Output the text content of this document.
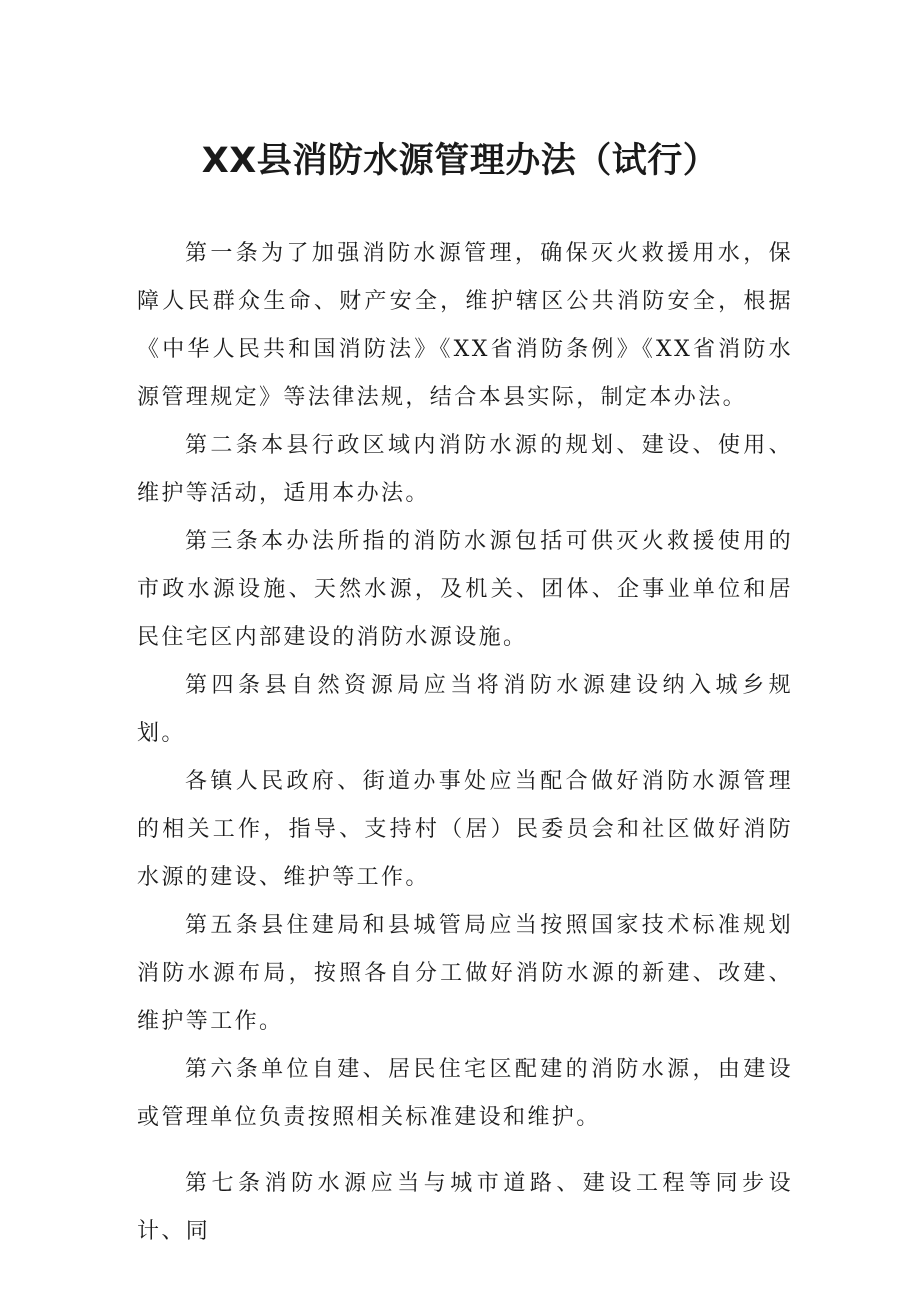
XX县消防水源管理办法（试行）

第一条为了加强消防水源管理，确保灭火救援用水，保障人民群众生命、财产安全，维护辖区公共消防安全，根据《中华人民共和国消防法》《XX省消防条例》《XX省消防水源管理规定》等法律法规，结合本县实际，制定本办法。

第二条本县行政区域内消防水源的规划、建设、使用、维护等活动，适用本办法。

第三条本办法所指的消防水源包括可供灭火救援使用的市政水源设施、天然水源，及机关、团体、企事业单位和居民住宅区内部建设的消防水源设施。

第四条县自然资源局应当将消防水源建设纳入城乡规划。

各镇人民政府、街道办事处应当配合做好消防水源管理的相关工作，指导、支持村（居）民委员会和社区做好消防水源的建设、维护等工作。

第五条县住建局和县城管局应当按照国家技术标准规划消防水源布局，按照各自分工做好消防水源的新建、改建、维护等工作。

第六条单位自建、居民住宅区配建的消防水源，由建设或管理单位负责按照相关标准建设和维护。

第七条消防水源应当与城市道路、建设工程等同步设计、同
